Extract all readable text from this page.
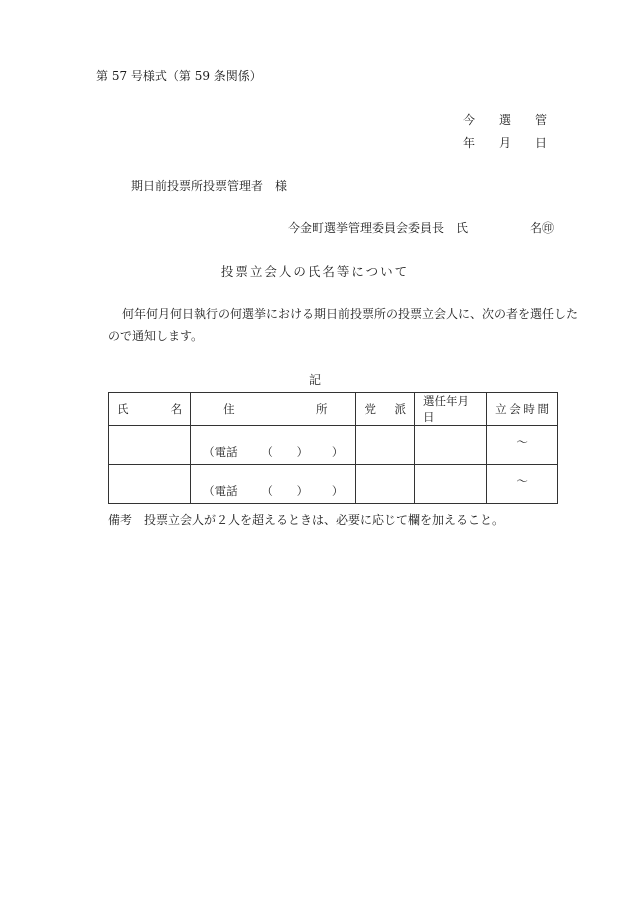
第 57 号様式（第 59 条関係）
今 選 管
年 月 日
期日前投票所投票管理者　様
今金町選挙管理委員会委員長　氏	名㊞
投票立会人の氏名等について
何年何月何日執行の何選挙における期日前投票所の投票立会人に、次の者を選任したので通知します。
記
氏 名	住 所	党 派	選任年月日	立 会 時 間

	（電話 （ ） ）			～

	（電話 （ ） ）			～
備考　投票立会人が２人を超えるときは、必要に応じて欄を加えること。
